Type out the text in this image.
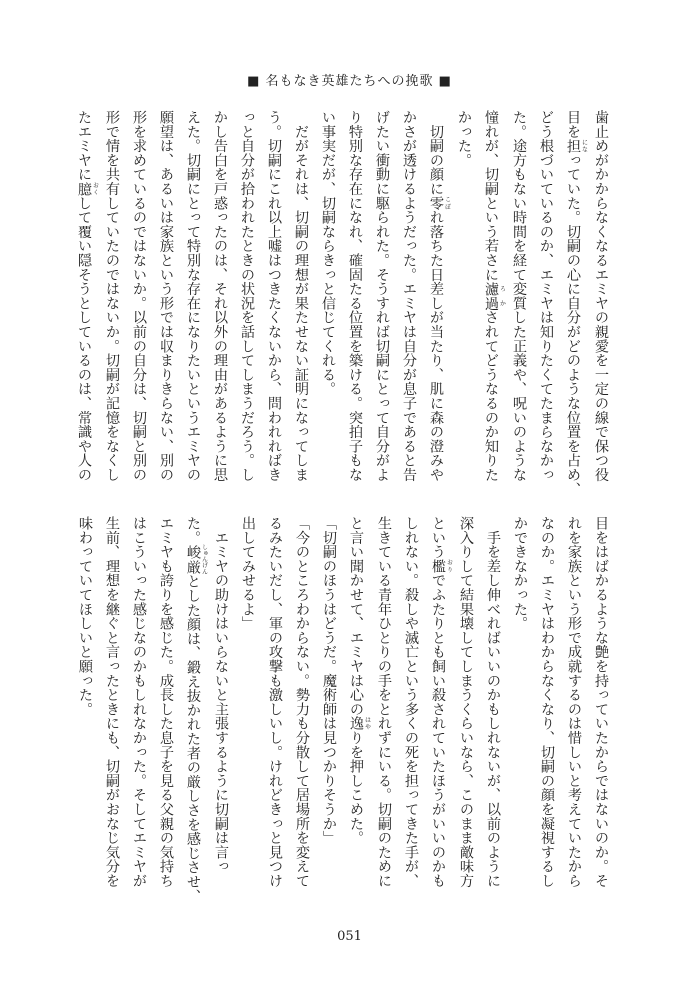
■ 名もなき英雄たちへの挽歌 ■
歯止めがかからなくなるエミヤの親愛を一定の線で保つ役
目を担 になっていた。切嗣の心に自分がどのような位置を占め、
どう根づいているのか、エミヤは知りたくてたまらなかっ
た。途方もない時間を経て変質した正義や、呪いのような
憧れが、切嗣という若さに濾過 ろかされてどうなるのか知りた
かった。
　切嗣の顔に零 こぼれ落ちた日差しが当たり、肌に森の澄みや
かさが透けるようだった。エミヤは自分が息子であると告
げたい衝動に駆られた。そうすれば切嗣にとって自分がよ
り特別な存在になれ、確固たる位置を築ける。突拍子もな
い事実だが、切嗣ならきっと信じてくれる。
　だがそれは、切嗣の理想が果たせない証明になってしま
う。切嗣にこれ以上嘘はつきたくないから、問われればき
っと自分が拾われたときの状況を話してしまうだろう。し
かし告白を戸惑ったのは、それ以外の理由があるように思
えた。切嗣にとって特別な存在になりたいというエミヤの
願望は、あるいは家族という形では収まりきらない、別の
形を求めているのではないか。以前の自分は、切嗣と別の
形で情を共有していたのではないか。切嗣が記憶をなくし
たエミヤに臆 おくして覆い隠そうとしているのは、常識や人の
目をはばかるような艶を持っていたからではないのか。そ
れを家族という形で成就するのは惜しいと考えていたから
なのか。エミヤはわからなくなり、切嗣の顔を凝視するし
かできなかった。
　手を差し伸べればいいのかもしれないが、以前のように
深入りして結果壊してしまうくらいなら、このまま敵味方
という檻 おりでふたりとも飼い殺されていたほうがいいのかも
しれない。殺しや滅亡という多くの死を担ってきた手が、
生きている青年ひとりの手をとれずにいる。切嗣のために
と言い聞かせて、エミヤは心の逸 はやりを押しこめた。
「切嗣のほうはどうだ。魔術師は見つかりそうか」
「今のところわからない。勢力も分散して居場所を変えて
るみたいだし、軍の攻撃も激しいし。けれどきっと見つけ
出してみせるよ」
　エミヤの助けはいらないと主張するように切嗣は言っ
た。峻厳 しゅんげんとした顔は、鍛え抜かれた者の厳しさを感じさせ、
エミヤも誇りを感じた。成長した息子を見る父親の気持ち
はこういった感じなのかもしれなかった。そしてエミヤが
生前、理想を継ぐと言ったときにも、切嗣がおなじ気分を
味わっていてほしいと願った。
051
